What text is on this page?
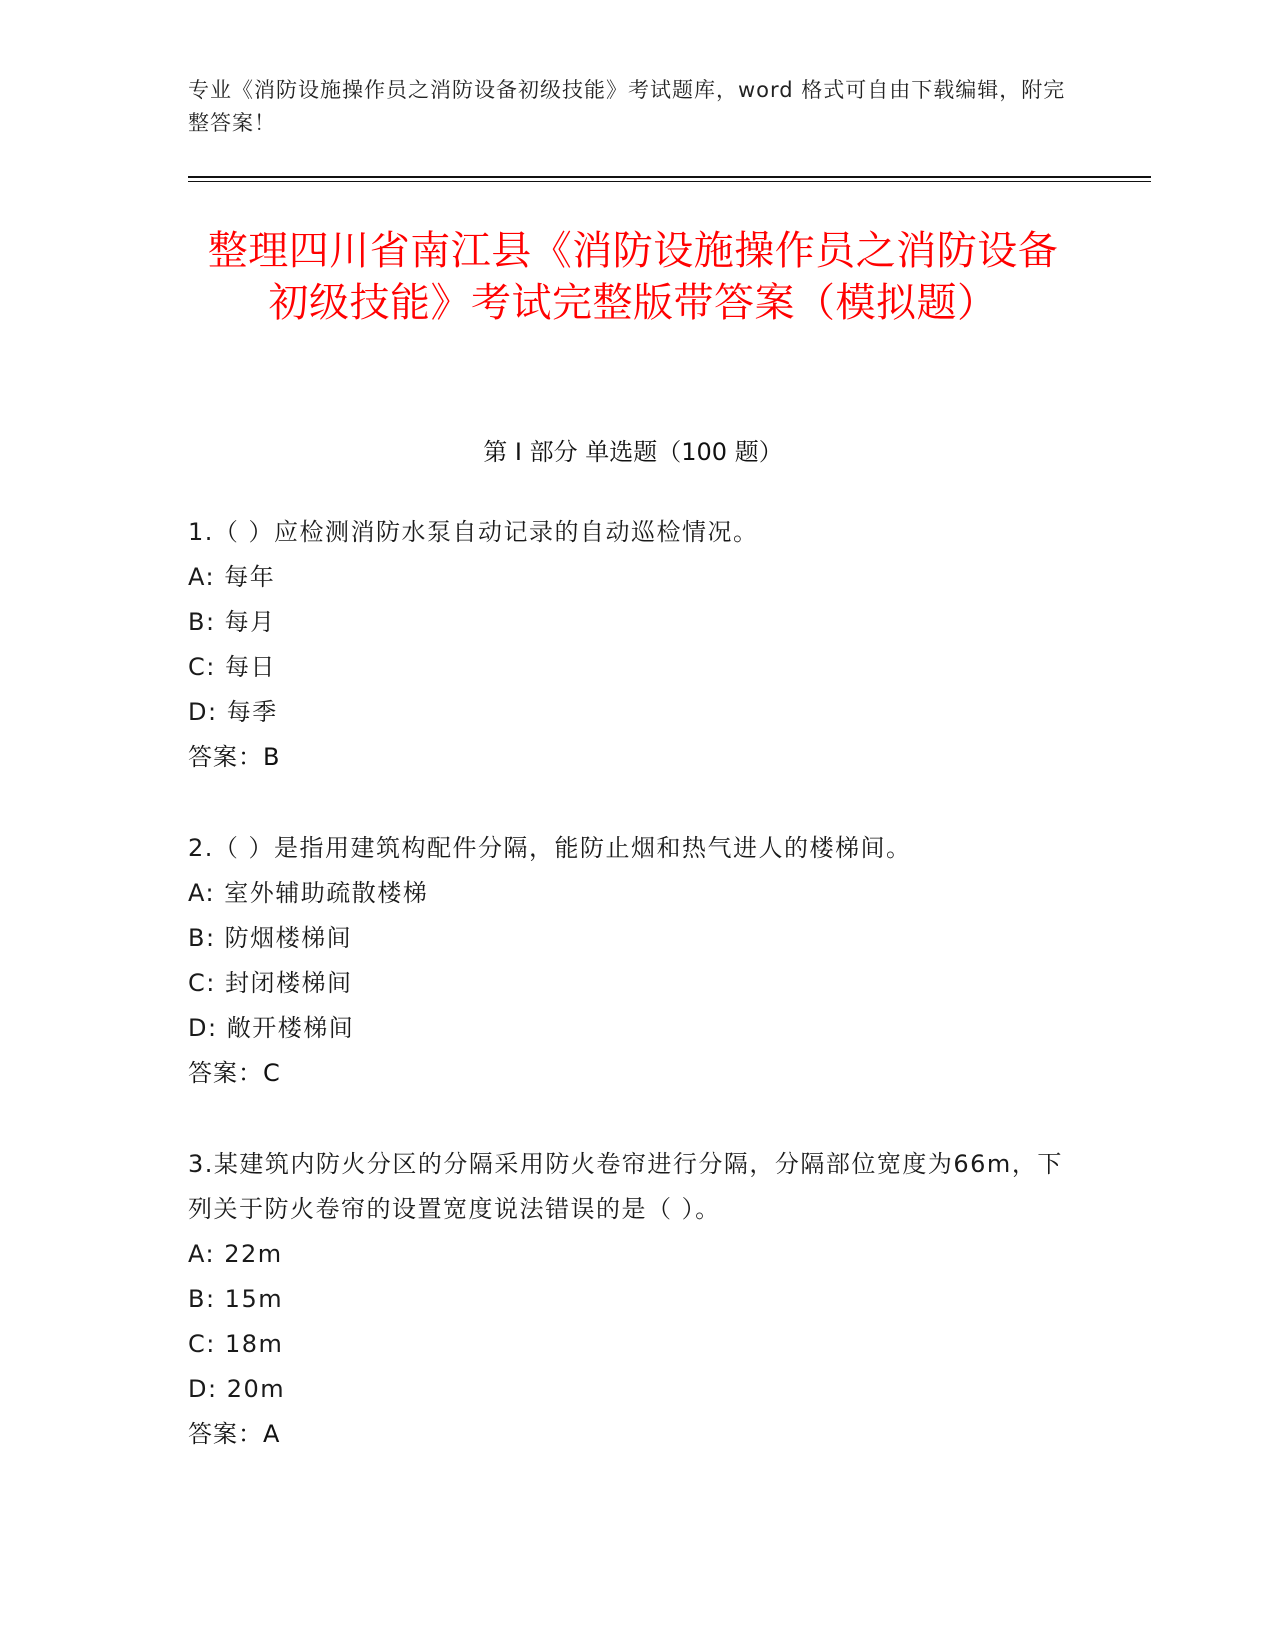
专业《消防设施操作员之消防设备初级技能》考试题库，word 格式可自由下载编辑，附完整答案！
整理四川省南江县《消防设施操作员之消防设备初级技能》考试完整版带答案（模拟题）
第 I 部分 单选题（100 题）
1.（ ）应检测消防水泵自动记录的自动巡检情况。
A: 每年
B: 每月
C: 每日
D: 每季
答案：B
2.（ ）是指用建筑构配件分隔，能防止烟和热气进人的楼梯间。
A: 室外辅助疏散楼梯
B: 防烟楼梯间
C: 封闭楼梯间
D: 敞开楼梯间
答案：C
3.某建筑内防火分区的分隔采用防火卷帘进行分隔，分隔部位宽度为66m，下列关于防火卷帘的设置宽度说法错误的是（ ）。
A: 22m
B: 15m
C: 18m
D: 20m
答案：A
